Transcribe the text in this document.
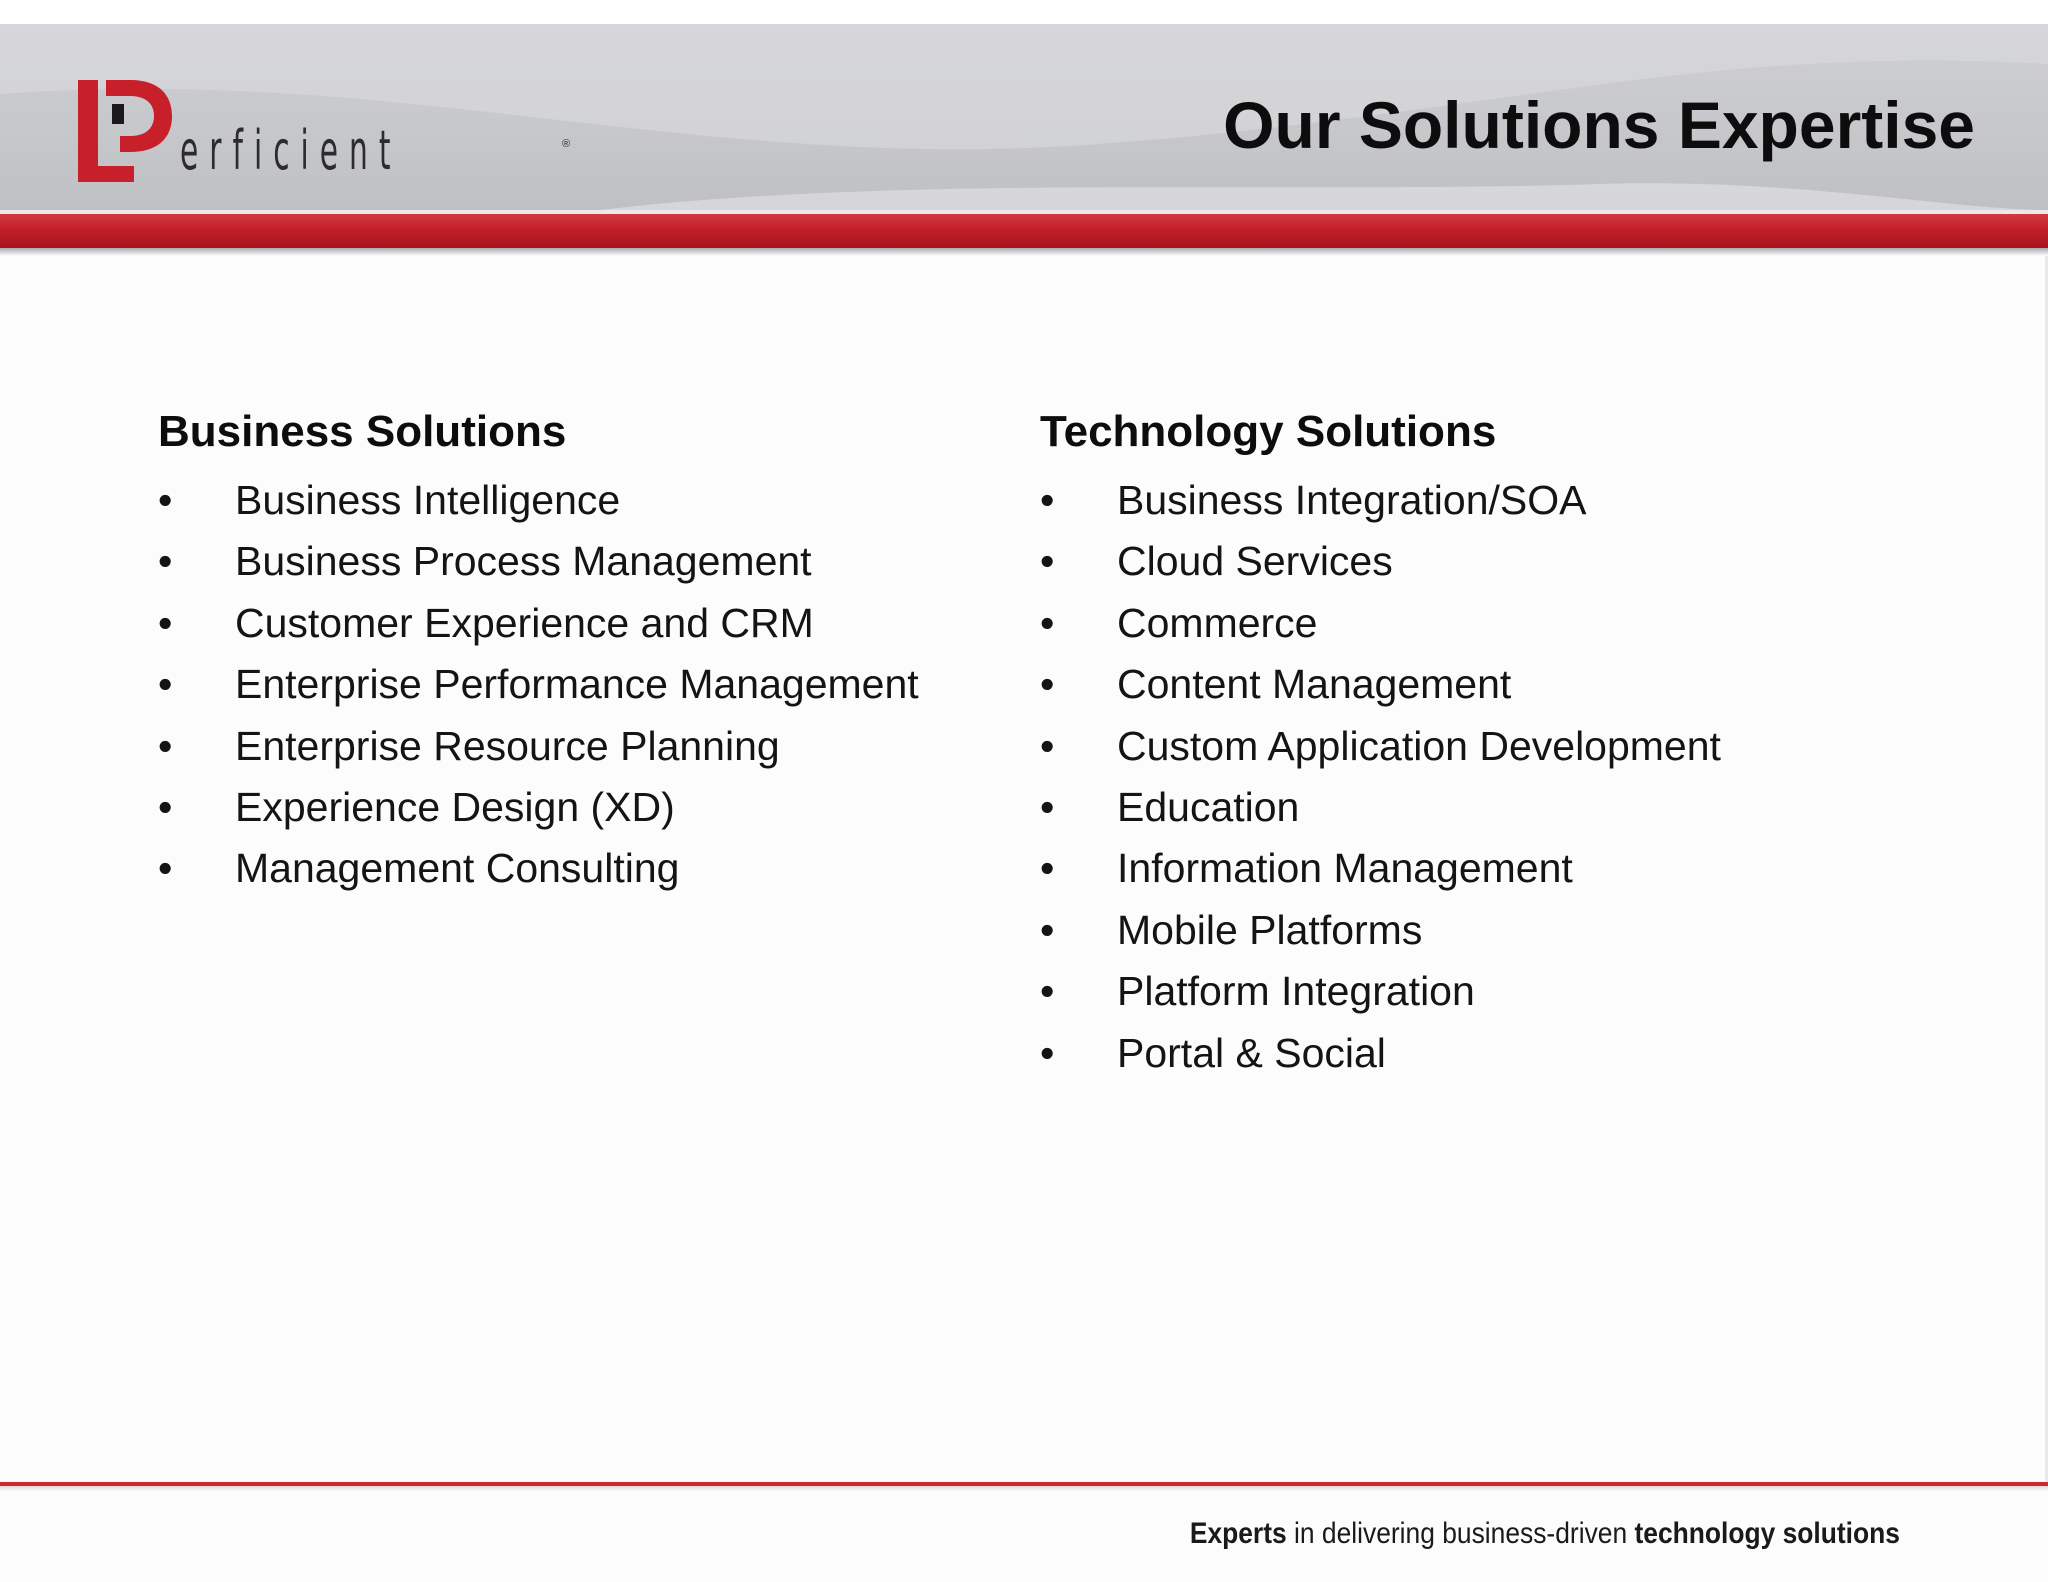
erficient	®	Our Solutions Expertise
Business Solutions
•	Business Intelligence
•	Business Process Management
•	Customer Experience and CRM
•	Enterprise Performance Management
•	Enterprise Resource Planning
•	Experience Design (XD)
•	Management Consulting
Technology Solutions
•	Business Integration/SOA
•	Cloud Services
•	Commerce
•	Content Management
•	Custom Application Development
•	Education
•	Information Management
•	Mobile Platforms
•	Platform Integration
•	Portal & Social
Experts in delivering business-driven technology solutions
